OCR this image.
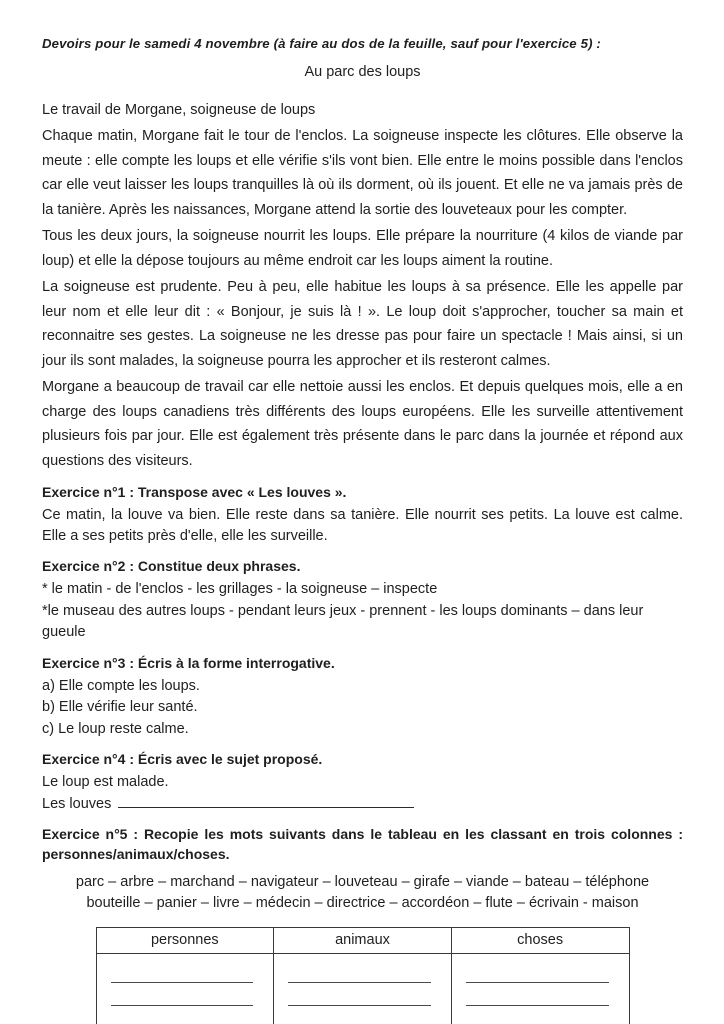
Devoirs pour le samedi 4 novembre (à faire au dos de la feuille, sauf pour l'exercice 5) :
Au parc des loups
Le travail de Morgane, soigneuse de loups

Chaque matin, Morgane fait le tour de l'enclos. La soigneuse inspecte les clôtures. Elle observe la meute : elle compte les loups et elle vérifie s'ils vont bien. Elle entre le moins possible dans l'enclos car elle veut laisser les loups tranquilles là où ils dorment, où ils jouent. Et elle ne va jamais près de la tanière. Après les naissances, Morgane attend la sortie des louveteaux pour les compter.

Tous les deux jours, la soigneuse nourrit les loups. Elle prépare la nourriture (4 kilos de viande par loup) et elle la dépose toujours au même endroit car les loups aiment la routine.

La soigneuse est prudente. Peu à peu, elle habitue les loups à sa présence. Elle les appelle par leur nom et elle leur dit : « Bonjour, je suis là ! ». Le loup doit s'approcher, toucher sa main et reconnaitre ses gestes. La soigneuse ne les dresse pas pour faire un spectacle ! Mais ainsi, si un jour ils sont malades, la soigneuse pourra les approcher et ils resteront calmes.

Morgane a beaucoup de travail car elle nettoie aussi les enclos. Et depuis quelques mois, elle a en charge des loups canadiens très différents des loups européens. Elle les surveille attentivement plusieurs fois par jour. Elle est également très présente dans le parc dans la journée et répond aux questions des visiteurs.

Exercice n°1 : Transpose avec « Les louves ».
Ce matin, la louve va bien. Elle reste dans sa tanière. Elle nourrit ses petits. La louve est calme. Elle a ses petits près d'elle, elle les surveille.
Exercice n°2 : Constitue deux phrases.
* le matin - de l'enclos - les grillages - la soigneuse – inspecte
*le museau des autres loups - pendant leurs jeux - prennent - les loups dominants – dans leur gueule
Exercice n°3 : Écris à la forme interrogative.
a) Elle compte les loups.
b) Elle vérifie leur santé.
c) Le loup reste calme.
Exercice n°4 : Écris avec le sujet proposé.
Le loup est malade.
Les louves
Exercice n°5 : Recopie les mots suivants dans le tableau en les classant en trois colonnes : personnes/animaux/choses.
parc – arbre – marchand – navigateur – louveteau – girafe – viande – bateau – téléphone
bouteille – panier – livre – médecin – directrice – accordéon – flute – écrivain - maison
personnes	animaux	choses
